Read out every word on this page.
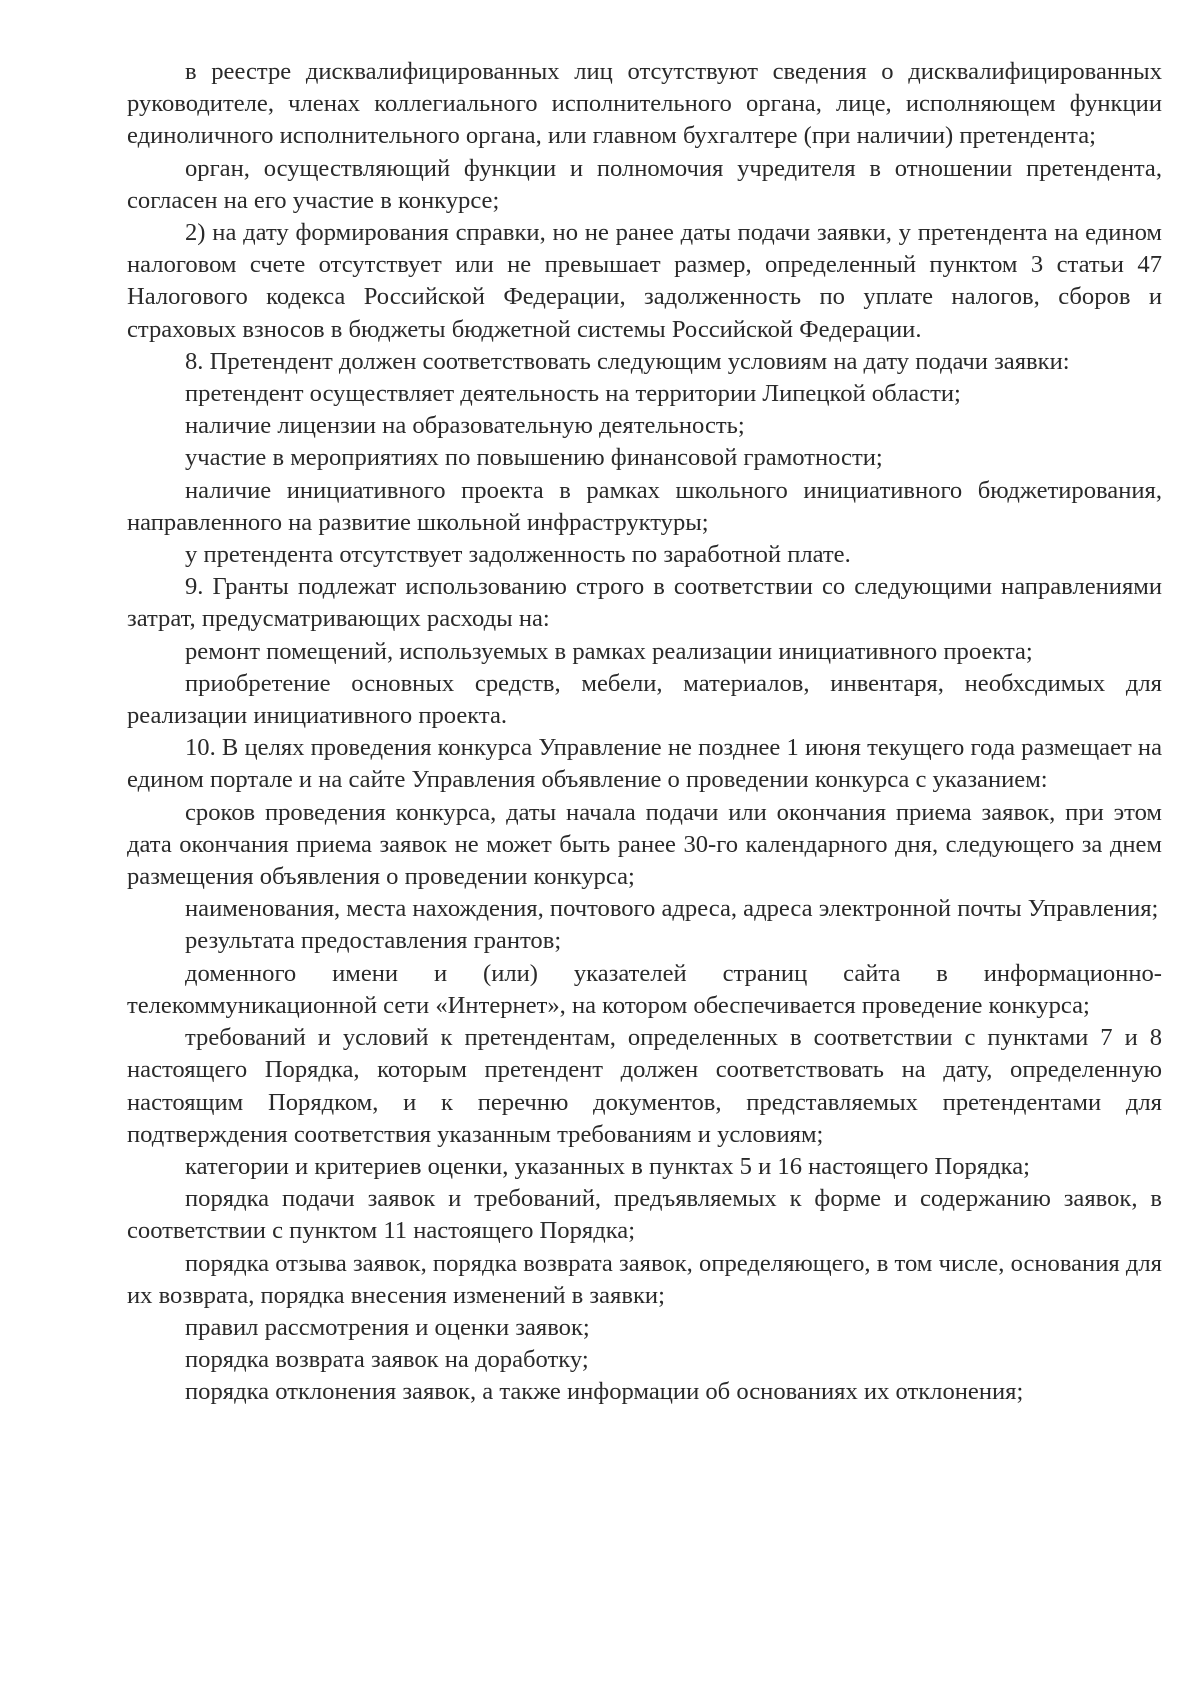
в реестре дисквалифицированных лиц отсутствуют сведения о дисквалифицированных руководителе, членах коллегиального исполнительного органа, лице, исполняющем функции единоличного исполнительного органа, или главном бухгалтере (при наличии) претендента;

орган, осуществляющий функции и полномочия учредителя в отношении претендента, согласен на его участие в конкурсе;

2) на дату формирования справки, но не ранее даты подачи заявки, у претендента на едином налоговом счете отсутствует или не превышает размер, определенный пунктом 3 статьи 47 Налогового кодекса Российской Федерации, задолженность по уплате налогов, сборов и страховых взносов в бюджеты бюджетной системы Российской Федерации.

8. Претендент должен соответствовать следующим условиям на дату подачи заявки:

претендент осуществляет деятельность на территории Липецкой области;

наличие лицензии на образовательную деятельность;

участие в мероприятиях по повышению финансовой грамотности;

наличие инициативного проекта в рамках школьного инициативного бюджетирования, направленного на развитие школьной инфраструктуры;

у претендента отсутствует задолженность по заработной плате.

9. Гранты подлежат использованию строго в соответствии со следующими направлениями затрат, предусматривающих расходы на:

ремонт помещений, используемых в рамках реализации инициативного проекта;

приобретение основных средств, мебели, материалов, инвентаря, необхсдимых для реализации инициативного проекта.

10. В целях проведения конкурса Управление не позднее 1 июня текущего года размещает на едином портале и на сайте Управления объявление о проведении конкурса с указанием:

сроков проведения конкурса, даты начала подачи или окончания приема заявок, при этом дата окончания приема заявок не может быть ранее 30-го календарного дня, следующего за днем размещения объявления о проведении конкурса;

наименования, места нахождения, почтового адреса, адреса электронной почты Управления;

результата предоставления грантов;

доменного имени и (или) указателей страниц сайта в информационно-телекоммуникационной сети «Интернет», на котором обеспечивается проведение конкурса;

требований и условий к претендентам, определенных в соответствии с пунктами 7 и 8 настоящего Порядка, которым претендент должен соответствовать на дату, определенную настоящим Порядком, и к перечню документов, представляемых претендентами для подтверждения соответствия указанным требованиям и условиям;

категории и критериев оценки, указанных в пунктах 5 и 16 настоящего Порядка;

порядка подачи заявок и требований, предъявляемых к форме и содержанию заявок, в соответствии с пунктом 11 настоящего Порядка;

порядка отзыва заявок, порядка возврата заявок, определяющего, в том числе, основания для их возврата, порядка внесения изменений в заявки;

правил рассмотрения и оценки заявок;

порядка возврата заявок на доработку;

порядка отклонения заявок, а также информации об основаниях их отклонения;
